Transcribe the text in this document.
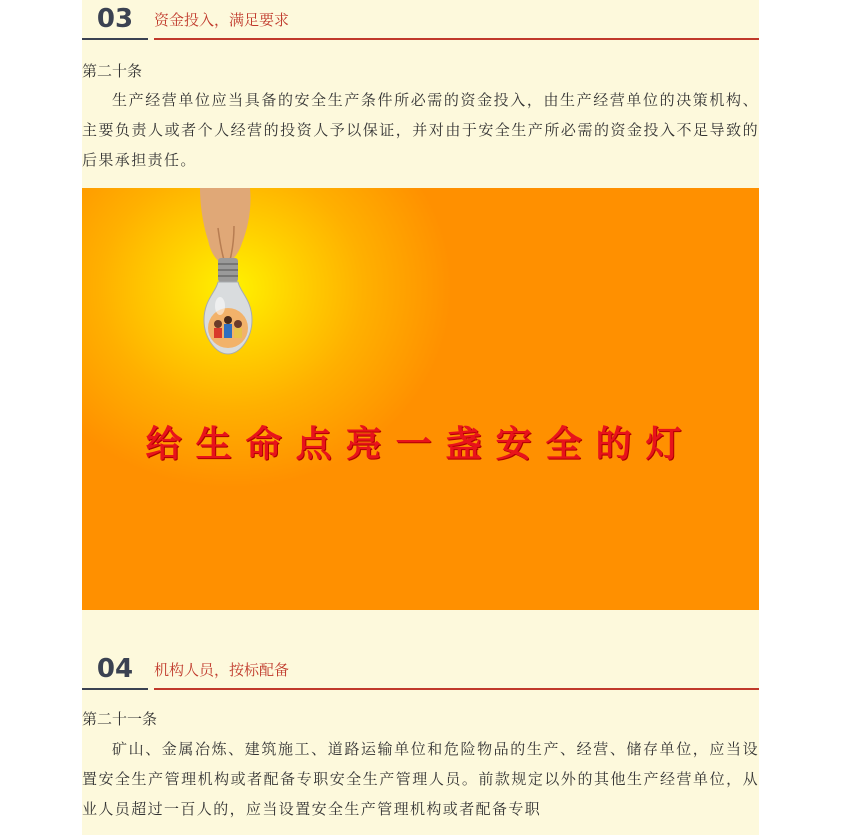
03	资金投入，满足要求
第二十条

生产经营单位应当具备的安全生产条件所必需的资金投入，由生产经营单位的决策机构、主要负责人或者个人经营的投资人予以保证，并对由于安全生产所必需的资金投入不足导致的后果承担责任。

给生命点亮一盏安全的灯
04	机构人员，按标配备
第二十一条

矿山、金属冶炼、建筑施工、道路运输单位和危险物品的生产、经营、储存单位，应当设置安全生产管理机构或者配备专职安全生产管理人员。前款规定以外的其他生产经营单位，从业人员超过一百人的，应当设置安全生产管理机构或者配备专职
